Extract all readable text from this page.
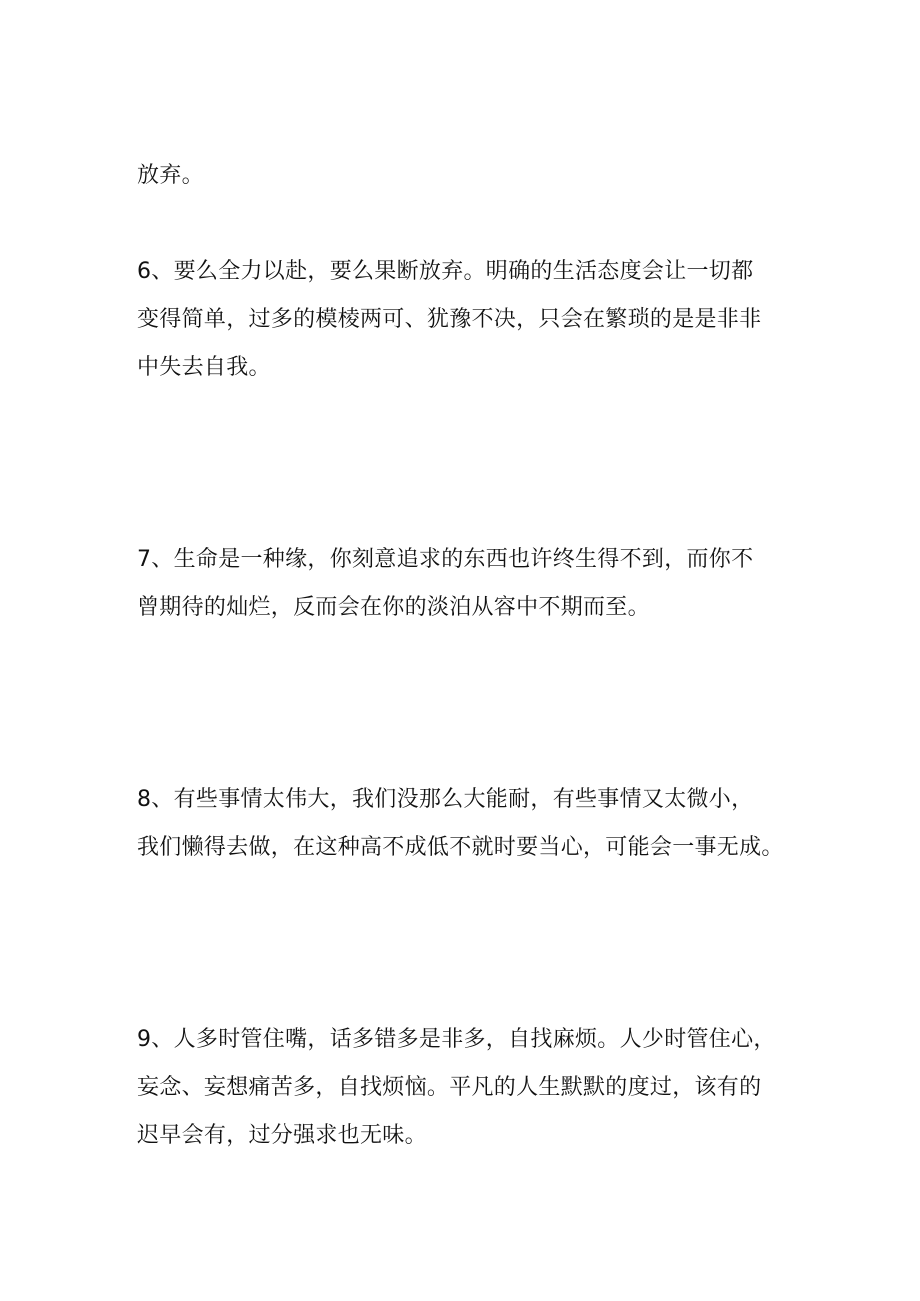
放弃。
6、要么全力以赴，要么果断放弃。明确的生活态度会让一切都
变得简单，过多的模棱两可、犹豫不决，只会在繁琐的是是非非
中失去自我。
7、生命是一种缘，你刻意追求的东西也许终生得不到，而你不
曾期待的灿烂，反而会在你的淡泊从容中不期而至。
8、有些事情太伟大，我们没那么大能耐，有些事情又太微小，
我们懒得去做，在这种高不成低不就时要当心，可能会一事无成。
9、人多时管住嘴，话多错多是非多，自找麻烦。人少时管住心，
妄念、妄想痛苦多，自找烦恼。平凡的人生默默的度过，该有的
迟早会有，过分强求也无味。
